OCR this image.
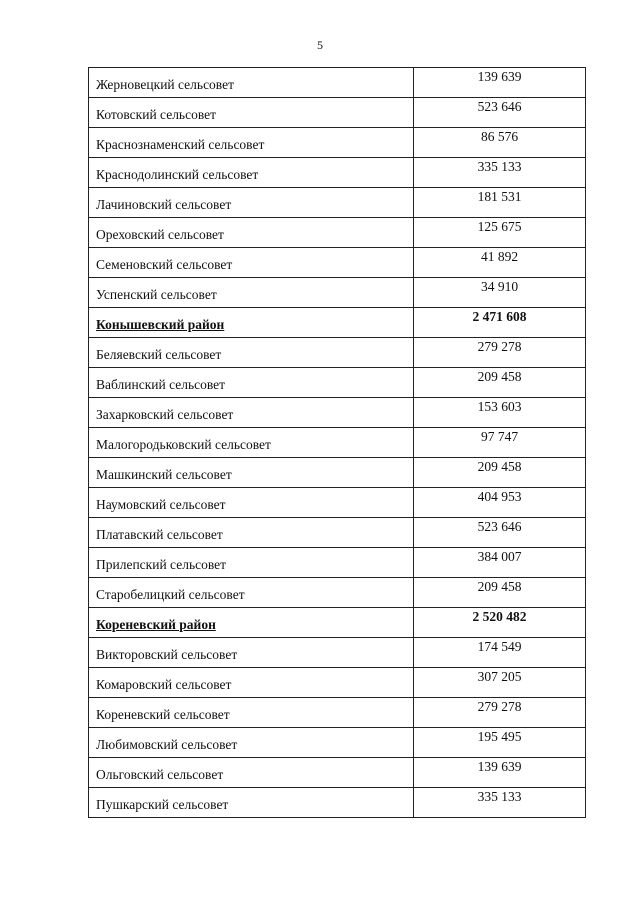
5
Жерновецкий сельсовет	139 639
Котовский сельсовет	523 646
Краснознаменский сельсовет	86 576
Краснодолинский сельсовет	335 133
Лачиновский сельсовет	181 531
Ореховский сельсовет	125 675
Семеновский сельсовет	41 892
Успенский сельсовет	34 910
Конышевский район	2 471 608
Беляевский сельсовет	279 278
Ваблинский сельсовет	209 458
Захарковский сельсовет	153 603
Малогородьковский сельсовет	97 747
Машкинский сельсовет	209 458
Наумовский сельсовет	404 953
Платавский сельсовет	523 646
Прилепский сельсовет	384 007
Старобелицкий сельсовет	209 458
Кореневский район	2 520 482
Викторовский сельсовет	174 549
Комаровский сельсовет	307 205
Кореневский сельсовет	279 278
Любимовский сельсовет	195 495
Ольговский сельсовет	139 639
Пушкарский сельсовет	335 133
